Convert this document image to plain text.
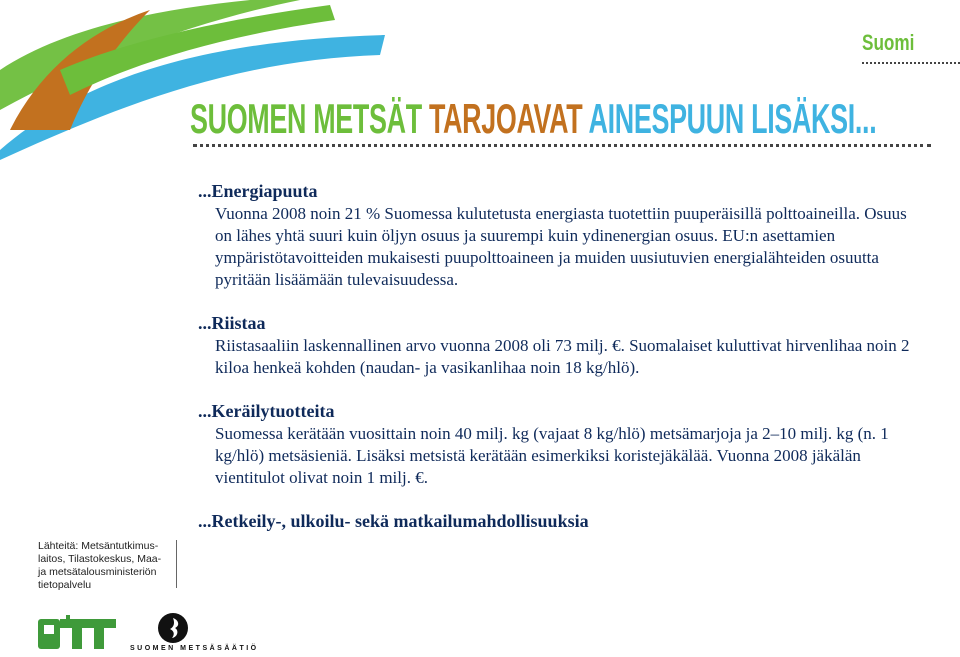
Suomi
SUOMEN METSÄT TARJOAVAT AINESPUUN LISÄKSI...
...Energiapuuta

Vuonna 2008 noin 21 % Suomessa kulutetusta energiasta tuotettiin puuperäisillä polttoaineilla. Osuus on lähes yhtä suuri kuin öljyn osuus ja suurempi kuin ydinenergian osuus. EU:n asettamien ympäristötavoitteiden mukaisesti puupolttoaineen ja muiden uusiutuvien energialähteiden osuutta pyritään lisäämään tulevaisuudessa.

...Riistaa

Riistasaaliin laskennallinen arvo vuonna 2008 oli 73 milj. €. Suomalaiset kuluttivat hirvenlihaa noin 2 kiloa henkeä kohden (naudan- ja vasikanlihaa noin 18 kg/hlö).

...Keräilytuotteita

Suomessa kerätään vuosittain noin 40 milj. kg (vajaat 8 kg/hlö) metsämarjoja ja 2–10 milj. kg (n. 1 kg/hlö) metsäsieniä. Lisäksi metsistä kerätään esimerkiksi koristejäkälää. Vuonna 2008 jäkälän vientitulot olivat noin 1 milj. €.

...Retkeily-, ulkoilu- sekä matkailumahdollisuuksia
Lähteitä: Metsäntutkimus-laitos, Tilastokeskus, Maa- ja metsätalousministeriön tietopalvelu
SUOMEN METSÄSÄÄTIÖ
